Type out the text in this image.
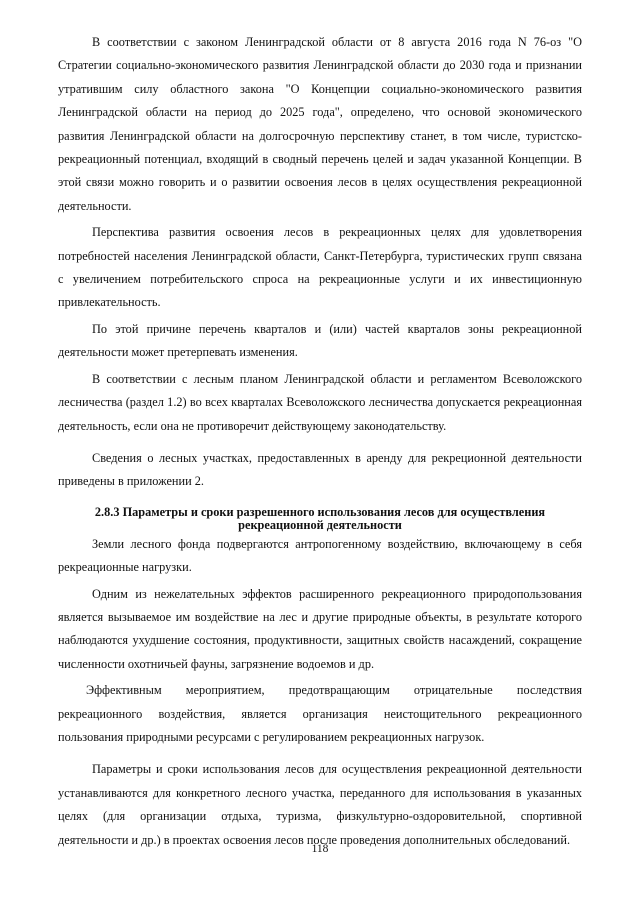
В соответствии с законом Ленинградской области от 8 августа 2016 года N 76-оз "О Стратегии социально-экономического развития Ленинградской области до 2030 года и признании утратившим силу областного закона "О Концепции социально-экономического развития Ленинградской области на период до 2025 года", определено, что основой экономического развития Ленинградской области на долгосрочную перспективу станет, в том числе, туристско-рекреационный потенциал, входящий в сводный перечень целей и задач указанной Концепции. В этой связи можно говорить и о развитии освоения лесов в целях осуществления рекреационной деятельности.

Перспектива развития освоения лесов в рекреационных целях для удовлетворения потребностей населения Ленинградской области, Санкт-Петербурга, туристических групп связана с увеличением потребительского спроса на рекреационные услуги и их инвестиционную привлекательность.

По этой причине перечень кварталов и (или) частей кварталов зоны рекреационной деятельности может претерпевать изменения.

В соответствии с лесным планом Ленинградской области и регламентом Всеволожского лесничества (раздел 1.2) во всех кварталах Всеволожского лесничества допускается рекреационная деятельность, если она не противоречит действующему законодательству.

Сведения о лесных участках, предоставленных в аренду для рекреционной деятельности приведены в приложении 2.

2.8.3 Параметры и сроки разрешенного использования лесов для осуществления
рекреационной деятельности

Земли лесного фонда подвергаются антропогенному воздействию, включающему в себя рекреационные нагрузки.

Одним из нежелательных эффектов расширенного рекреационного природопользования является вызываемое им воздействие на лес и другие природные объекты, в результате которого наблюдаются ухудшение состояния, продуктивности, защитных свойств насаждений, сокращение численности охотничьей фауны, загрязнение водоемов и др.

Эффективным мероприятием, предотвращающим отрицательные последствия рекреационного воздействия, является организация неистощительного рекреационного пользования природными ресурсами с регулированием рекреационных нагрузок.

Параметры и сроки использования лесов для осуществления рекреационной деятельности устанавливаются для конкретного лесного участка, переданного для использования в указанных целях (для организации отдыха, туризма, физкультурно-оздоровительной, спортивной деятельности и др.) в проектах освоения лесов после проведения дополнительных обследований.

118
